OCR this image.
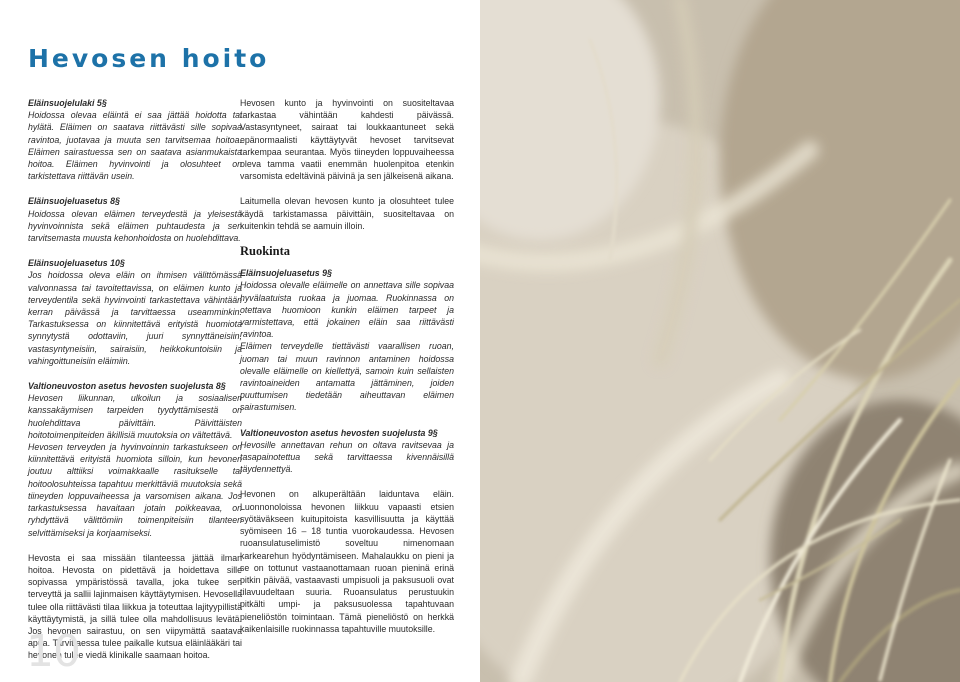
Hevosen hoito

Eläinsuojelulaki 5§

Hoidossa olevaa eläintä ei saa jättää hoidotta tai hylätä. Eläimen on saatava riittävästi sille sopivaa ravintoa, juotavaa ja muuta sen tarvitsemaa hoitoa. Eläimen sairastuessa sen on saatava asianmukaista hoitoa. Eläimen hyvinvointi ja olosuhteet on tarkistettava riittävän usein.

Eläinsuojeluasetus 8§

Hoidossa olevan eläimen terveydestä ja yleisestä hyvinvoinnista sekä eläimen puhtaudesta ja sen tarvitsemasta muusta kehonhoidosta on huolehdittava.

Eläinsuojeluasetus 10§

Jos hoidossa oleva eläin on ihmisen välittömässä valvonnassa tai tavoitettavissa, on eläimen kunto ja terveydentila sekä hyvinvointi tarkastettava vähintään kerran päivässä ja tarvittaessa useamminkin. Tarkastuksessa on kiinnitettävä erityistä huomiota synnytystä odottaviin, juuri synnyttäneisiin, vastasyntyneisiin, sairaisiin, heikkokuntoisiin ja vahingoittuneisiin eläimiin.

Valtioneuvoston asetus hevosten suojelusta 8§

Hevosen liikunnan, ulkoilun ja sosiaalisen kanssakäymisen tarpeiden tyydyttämisestä on huolehdittava päivittäin. Päivittäisten hoitotoimenpiteiden äkillisiä muutoksia on vältettävä.

Hevosen terveyden ja hyvinvoinnin tarkastukseen on kiinnitettävä erityistä huomiota silloin, kun hevonen joutuu alttiiksi voimakkaalle rasitukselle tai hoitoolosuhteissa tapahtuu merkittäviä muutoksia sekä tiineyden loppuvaiheessa ja varsomisen aikana. Jos tarkastuksessa havaitaan jotain poikkeavaa, on ryhdyttävä välittömiin toimenpiteisiin tilanteen selvittämiseksi ja korjaamiseksi.

Hevosta ei saa missään tilanteessa jättää ilman hoitoa. Hevosta on pidettävä ja hoidettava sille sopivassa ympäristössä tavalla, joka tukee sen terveyttä ja sallii lajinmaisen käyttäytymisen. Hevosella tulee olla riittävästi tilaa liikkua ja toteuttaa lajityypillistä käyttäytymistä, ja sillä tulee olla mahdollisuus levätä. Jos hevonen sairastuu, on sen viipymättä saatava apua. Tarvittaessa tulee paikalle kutsua eläinlääkäri tai hevonen tulee viedä klinikalle saamaan hoitoa.

Hevosen kunto ja hyvinvointi on suositeltavaa tarkastaa vähintään kahdesti päivässä. Vastasyntyneet, sairaat tai loukkaantuneet sekä epänormaalisti käyttäytyvät hevoset tarvitsevat tarkempaa seurantaa. Myös tiineyden loppuvaiheessa oleva tamma vaatii enemmän huolenpitoa etenkin varsomista edeltävinä päivinä ja sen jälkeisenä aikana.

Laitumella olevan hevosen kunto ja olosuhteet tulee käydä tarkistamassa päivittäin, suositeltavaa on kuitenkin tehdä se aamuin illoin.

Ruokinta

Eläinsuojeluasetus 9§

Hoidossa olevalle eläimelle on annettava sille sopivaa hyvälaatuista ruokaa ja juomaa. Ruokinnassa on otettava huomioon kunkin eläimen tarpeet ja varmistettava, että jokainen eläin saa riittävästi ravintoa.

Eläimen terveydelle tiettävästi vaarallisen ruoan, juoman tai muun ravinnon antaminen hoidossa olevalle eläimelle on kiellettyä, samoin kuin sellaisten ravintoaineiden antamatta jättäminen, joiden puuttumisen tiedetään aiheuttavan eläimen sairastumisen.

Valtioneuvoston asetus hevosten suojelusta 9§

Hevosille annettavan rehun on oltava ravitsevaa ja tasapainotettua sekä tarvittaessa kivennäisillä täydennettyä.

Hevonen on alkuperältään laiduntava eläin. Luonnonoloissa hevonen liikkuu vapaasti etsien syötäväkseen kuitupitoista kasvillisuutta ja käyttää syömiseen 16 – 18 tuntia vuorokaudessa. Hevosen ruoansulatuselimistö soveltuu nimenomaan karkearehun hyödyntämiseen. Mahalaukku on pieni ja se on tottunut vastaanottamaan ruoan pieninä erinä pitkin päivää, vastaavasti umpisuoli ja paksusuoli ovat tilavuudeltaan suuria. Ruoansulatus perustuukin pitkälti umpi- ja paksusuolessa tapahtuvaan pieneliöstön toimintaan. Tämä pieneliöstö on herkkä kaikenlaisille ruokinnassa tapahtuville muutoksille.

10
